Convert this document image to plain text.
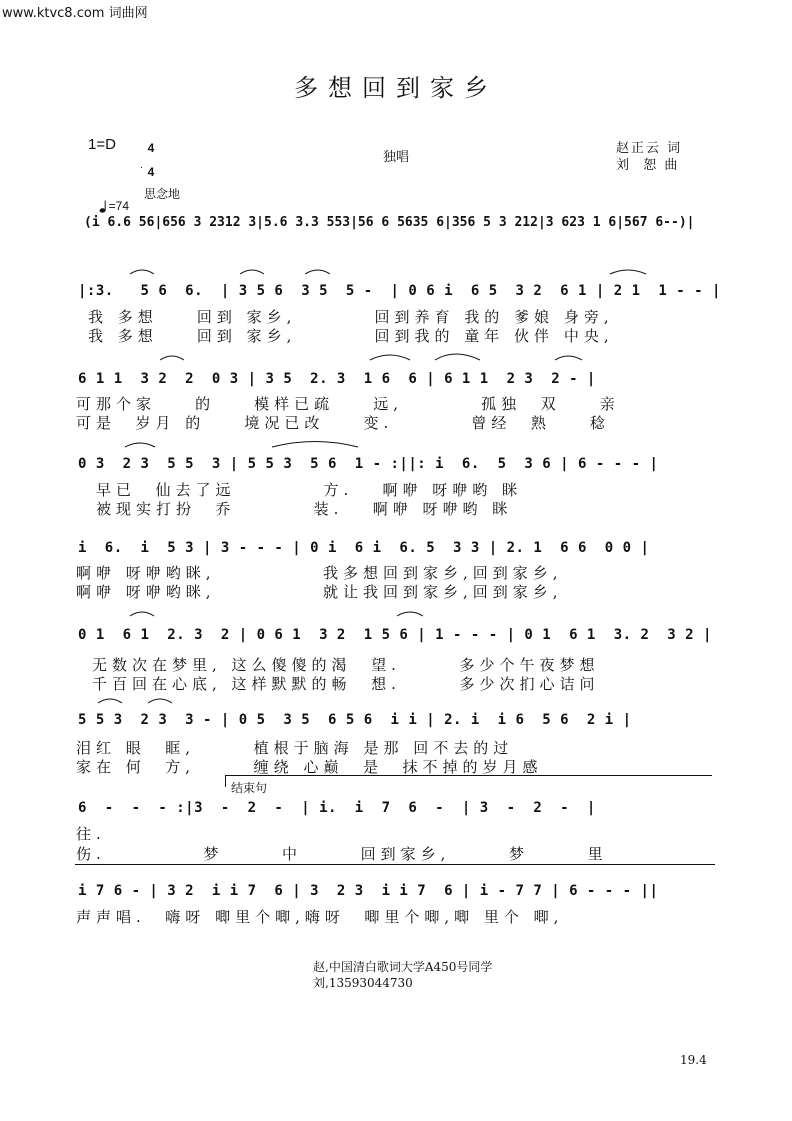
www.ktvc8.com 词曲网
多想回到家乡
1=D	4

4

独唱
赵正云 词
刘  恕 曲

=74

思念地
(i 6.6 56|656 3 2312 3|5.6 3.3 553|56 6 5635 6|356 5 3 212|3 623 1 6|567 6--)|
|:3.   5 6  6.  | 3 5 6  3 5  5 -  | 0 6 i  6 5  3 2  6 1 | 2 1  1 - - |
我 多想    回到 家乡,        回到养育 我的 爹娘 身旁,
我 多想    回到 家乡,        回到我的 童年 伙伴 中央,
6 1 1  3 2  2  0 3 | 3 5  2. 3  1 6  6 | 6 1 1  2 3  2 - |
可那个家    的    模样已疏    远,        孤独  双    亲
可是  岁月 的    境况已改    变.        曾经  熟    稔
0 3  2 3  5 5  3 | 5 5 3  5 6  1 - :||: i  6.  5  3 6 | 6 - - - |
早已  仙去了远         方.   啊咿 呀咿哟 眯
被现实打扮  乔        装.   啊咿 呀咿哟 眯
i  6.  i  5 3 | 3 - - - | 0 i  6 i  6. 5  3 3 | 2. 1  6 6  0 0 |
啊咿 呀咿哟眯,           我多想回到家乡,回到家乡,
啊咿 呀咿哟眯,           就让我回到家乡,回到家乡,
0 1  6 1  2. 3  2 | 0 6 1  3 2  1 5 6 | 1 - - - | 0 1  6 1  3. 2  3 2 |
无数次在梦里, 这么傻傻的渴  望.      多少个午夜梦想
千百回在心底, 这样默默的畅  想.      多少次扪心诘问
5 5 3  2 3  3 - | 0 5  3 5  6 5 6  i i | 2. i  i 6  5 6  2 i |
泪红 眼  眶,      植根于脑海 是那 回不去的过
家在 何  方,      缠绕 心巅  是  抹不掉的岁月感
结束句
6  -  -  - :|3  -  2  -  | i.  i  7  6  -  | 3  -  2  -  |
往.
伤.          梦      中      回到家乡,      梦      里
i 7 6 - | 3 2  i i 7  6 | 3  2 3  i i 7  6 | i - 7 7 | 6 - - - ||
声声唱.  嗨呀 唧里个唧,嗨呀  唧里个唧,唧 里个 唧,
赵,中国清白歌词大学A450号同学
刘,13593044730
19.4
